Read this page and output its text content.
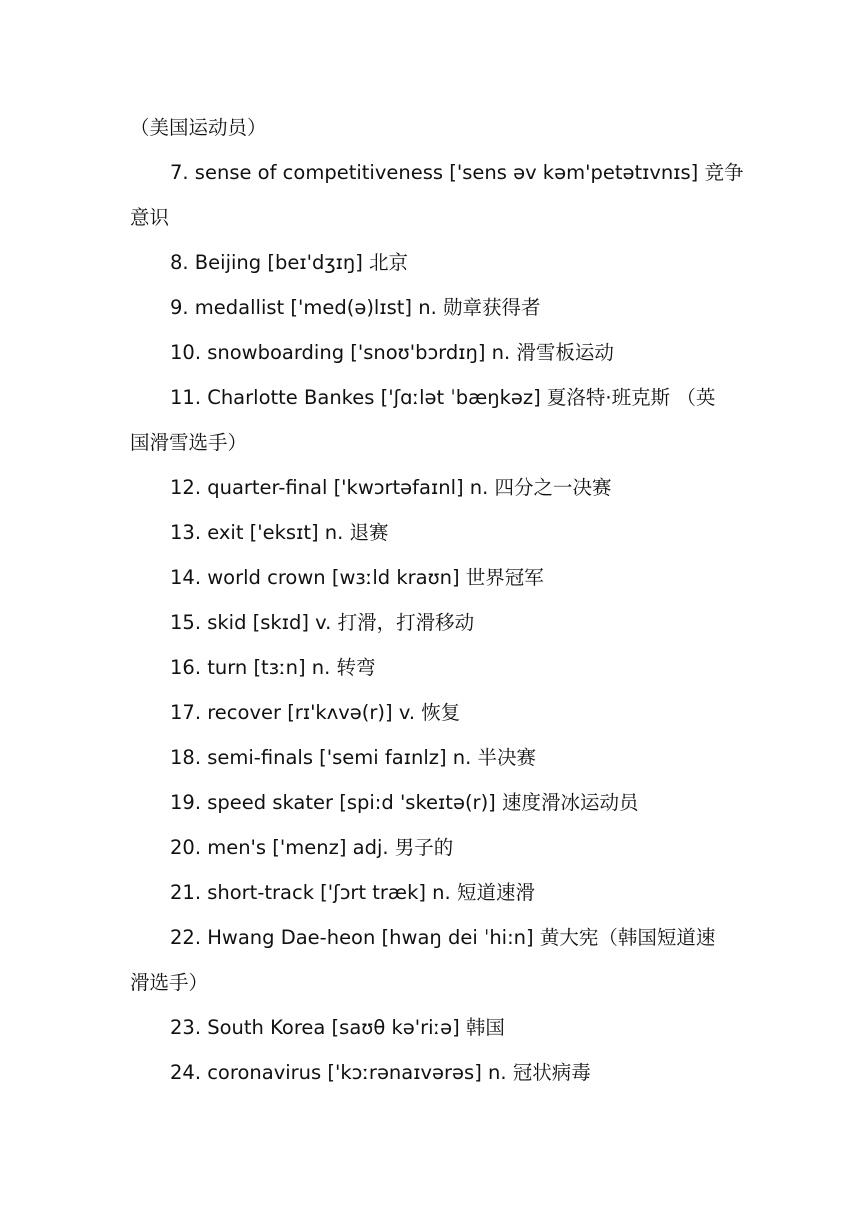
（美国运动员）
7. sense of competitiveness ['sens əv kəm'petətɪvnɪs] 竞争
意识
8. Beijing [beɪ'dʒɪŋ] 北京
9. medallist ['med(ə)lɪst] n. 勋章获得者
10. snowboarding ['snoʊ'bɔrdɪŋ] n. 滑雪板运动
11. Charlotte Bankes ['ʃɑːlət ˈbæŋkəz] 夏洛特·班克斯 （英
国滑雪选手）
12. quarter-final ['kwɔrtəfaɪnl] n. 四分之一决赛
13. exit ['eksɪt] n. 退赛
14. world crown [wɜːld kraʊn] 世界冠军
15. skid [skɪd] v. 打滑，打滑移动
16. turn [tɜːn] n. 转弯
17. recover [rɪ'kʌvə(r)] v. 恢复
18. semi-finals ['semi faɪnlz] n. 半决赛
19. speed skater [spi:d 'skeɪtə(r)] 速度滑冰运动员
20. men's ['menz] adj. 男子的
21. short-track ['ʃɔrt træk] n. 短道速滑
22. Hwang Dae-heon [hwaŋ dei ˈhi:n] 黄大宪（韩国短道速
滑选手）
23. South Korea [saʊθ kə'riːə] 韩国
24. coronavirus ['kɔːrənaɪvərəs] n. 冠状病毒
